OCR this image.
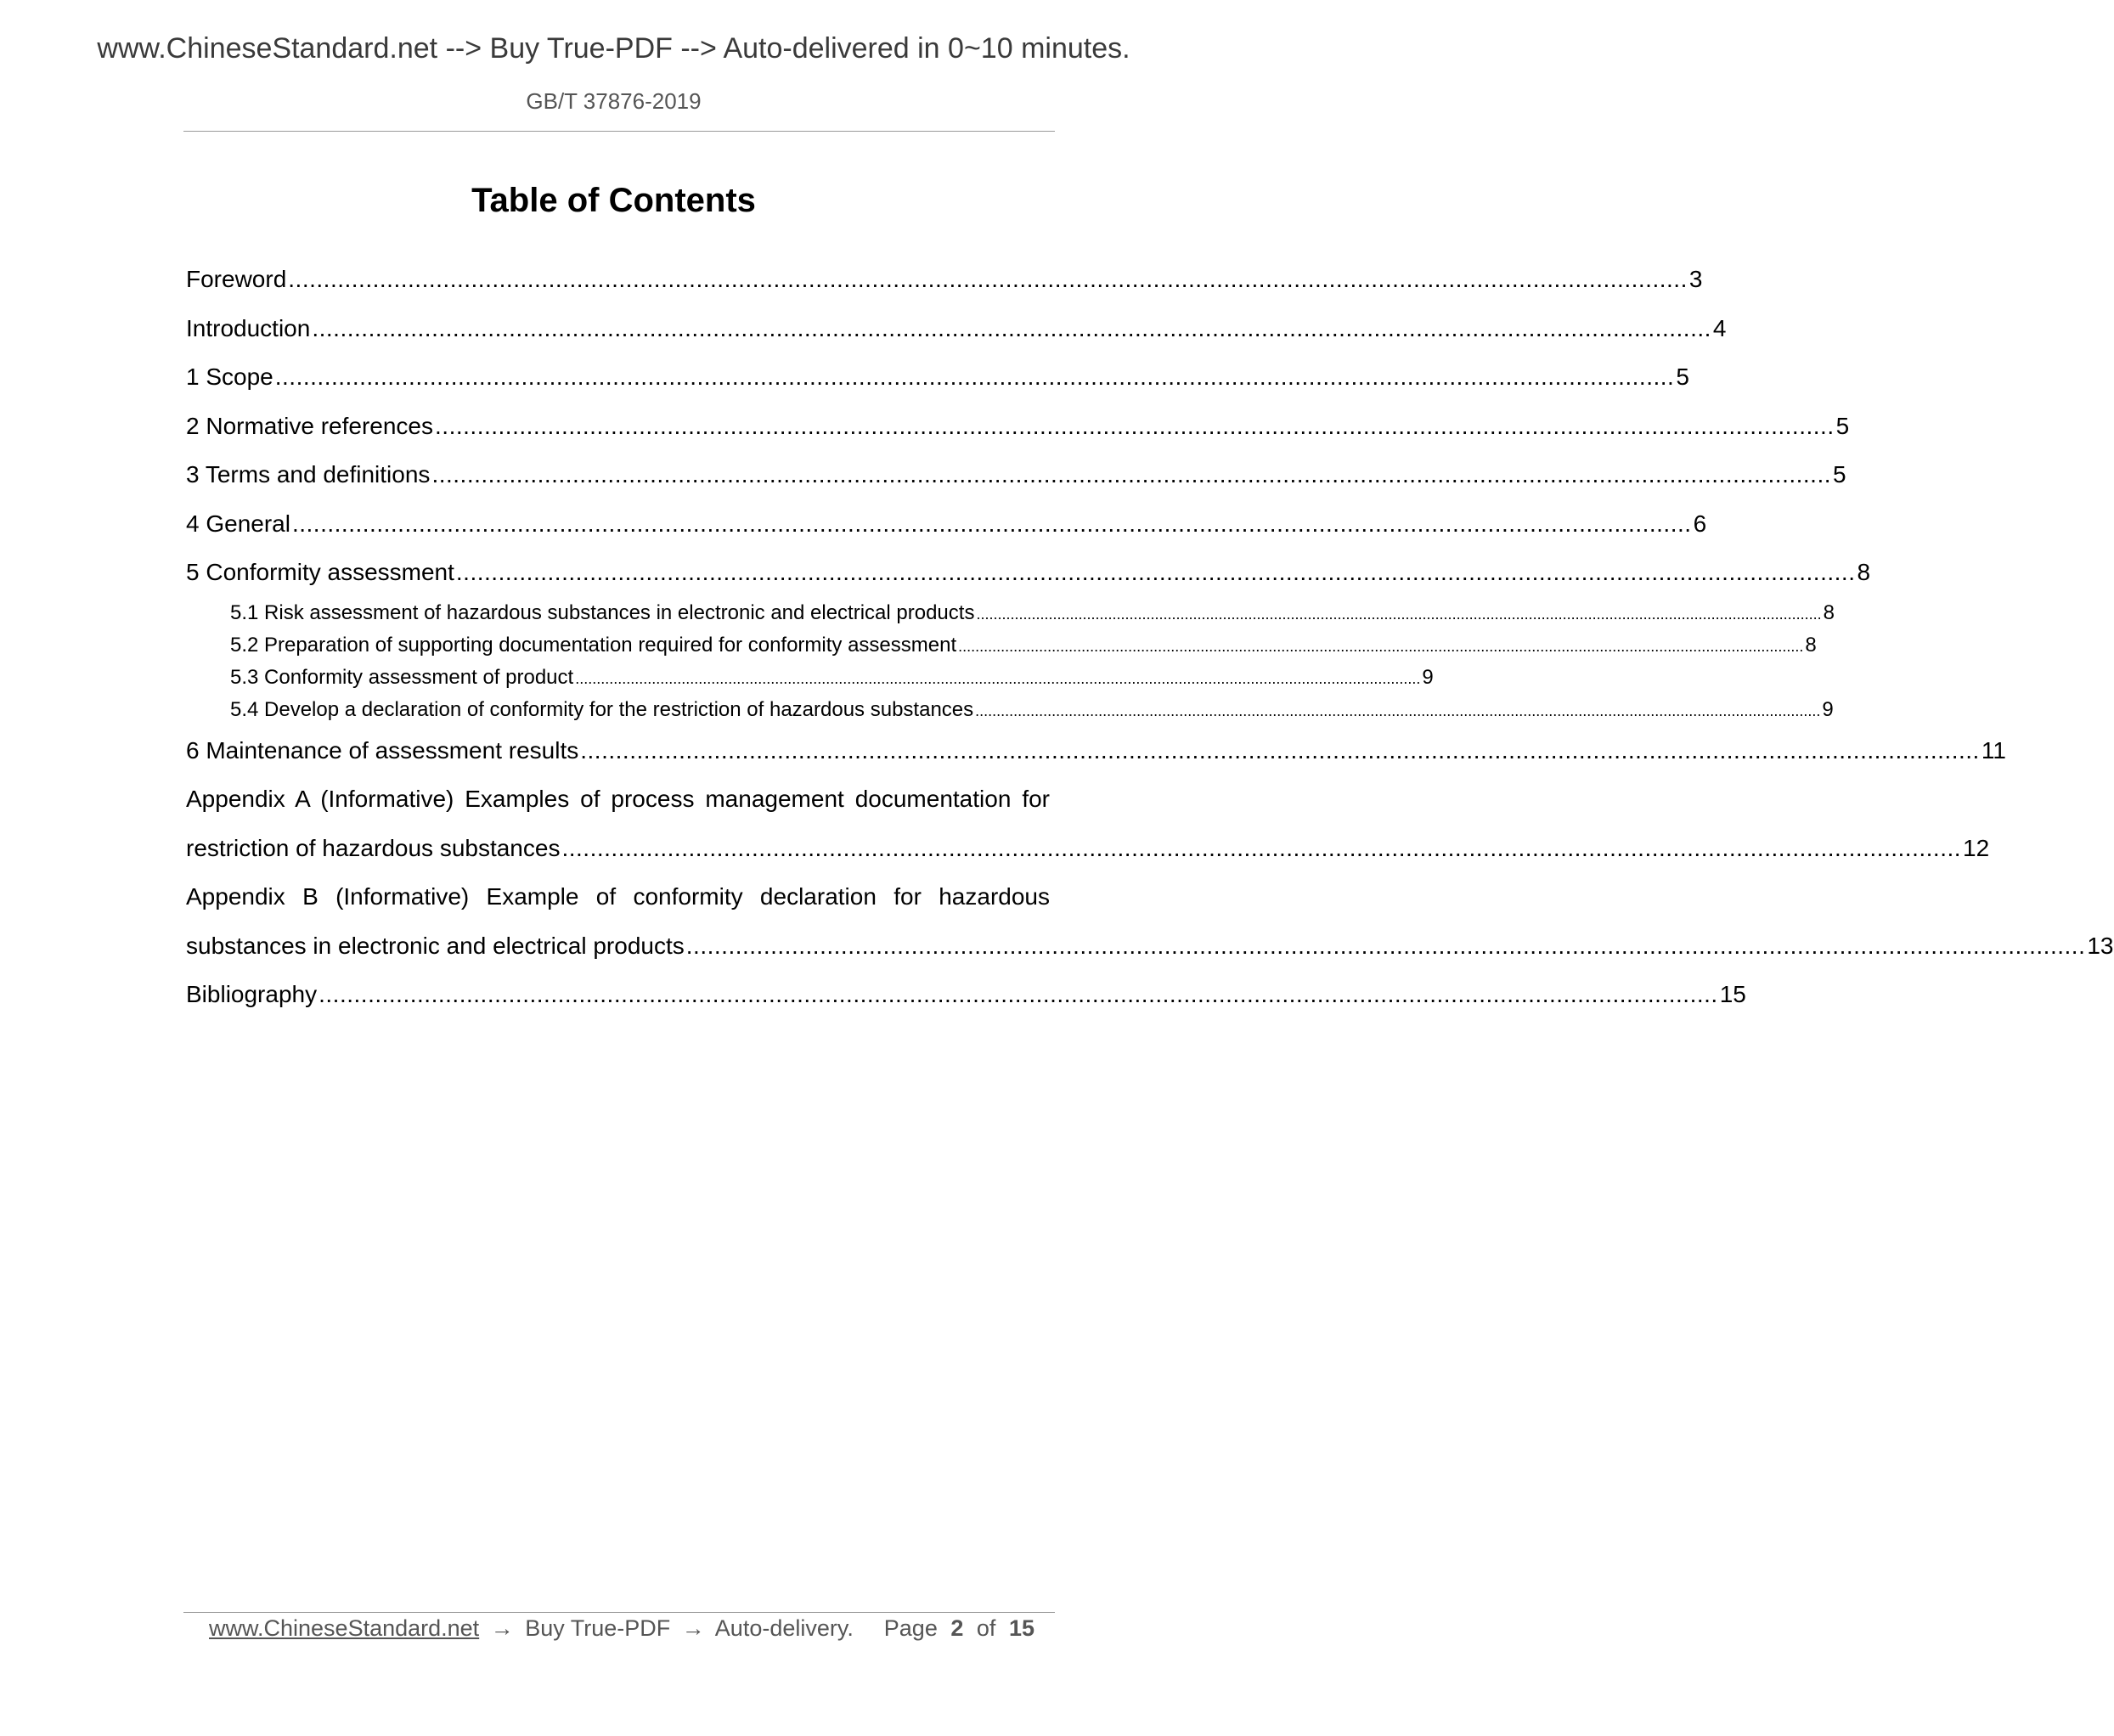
www.ChineseStandard.net --> Buy True-PDF --> Auto-delivered in 0~10 minutes.
GB/T 37876-2019
Table of Contents
Foreword ....................................................................................................................................................................................................... 3
Introduction ....................................................................................................................................................................................................... 4
1 Scope ....................................................................................................................................................................................................... 5
2 Normative references ....................................................................................................................................................................................................... 5
3 Terms and definitions ....................................................................................................................................................................................................... 5
4 General ....................................................................................................................................................................................................... 6
5 Conformity assessment ....................................................................................................................................................................................................... 8
5.1 Risk assessment of hazardous substances in electronic and electrical products ....................................................................................................................................................................................................... 8
5.2 Preparation of supporting documentation required for conformity assessment ....................................................................................................................................................................................................... 8
5.3 Conformity assessment of product ....................................................................................................................................................................................................... 9
5.4 Develop a declaration of conformity for the restriction of hazardous substances ....................................................................................................................................................................................................... 9
6 Maintenance of assessment results ....................................................................................................................................................................................................... 11
Appendix A (Informative) Examples of process management documentation for
restriction of hazardous substances ....................................................................................................................................................................................................... 12
Appendix B (Informative) Example of conformity declaration for hazardous
substances in electronic and electrical products ....................................................................................................................................................................................................... 13
Bibliography ....................................................................................................................................................................................................... 15
www.ChineseStandard.net → Buy True-PDF → Auto-delivery. Page 2 of 15
